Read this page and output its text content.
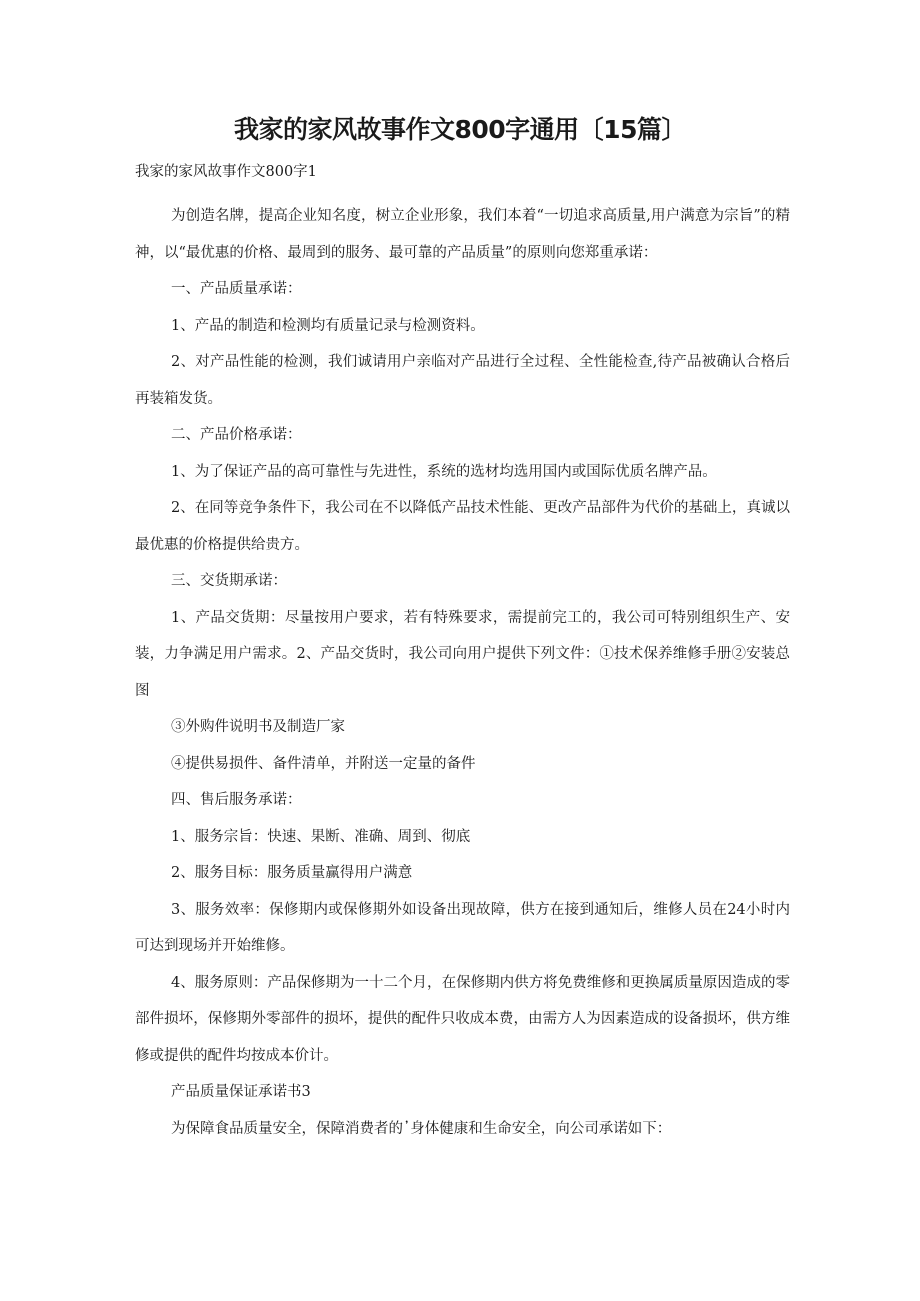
我家的家风故事作文800字通用〔15篇〕

我家的家风故事作文800字1

为创造名牌，提高企业知名度，树立企业形象，我们本着“一切追求高质量,用户满意为宗旨”的精神，以“最优惠的价格、最周到的服务、最可靠的产品质量”的原则向您郑重承诺：

一、产品质量承诺：

1、产品的制造和检测均有质量记录与检测资料。

2、对产品性能的检测，我们诚请用户亲临对产品进行全过程、全性能检查,待产品被确认合格后再装箱发货。

二、产品价格承诺：

1、为了保证产品的高可靠性与先进性，系统的选材均选用国内或国际优质名牌产品。

2、在同等竞争条件下，我公司在不以降低产品技术性能、更改产品部件为代价的基础上，真诚以最优惠的价格提供给贵方。

三、交货期承诺：

1、产品交货期：尽量按用户要求，若有特殊要求，需提前完工的，我公司可特别组织生产、安装，力争满足用户需求。2、产品交货时，我公司向用户提供下列文件：①技术保养维修手册②安装总图

③外购件说明书及制造厂家

④提供易损件、备件清单，并附送一定量的备件

四、售后服务承诺：

1、服务宗旨：快速、果断、准确、周到、彻底

2、服务目标：服务质量赢得用户满意

3、服务效率：保修期内或保修期外如设备出现故障，供方在接到通知后，维修人员在24小时内可达到现场并开始维修。

4、服务原则：产品保修期为一十二个月，在保修期内供方将免费维修和更换属质量原因造成的零部件损坏，保修期外零部件的损坏，提供的配件只收成本费，由需方人为因素造成的设备损坏，供方维修或提供的配件均按成本价计。

产品质量保证承诺书3

为保障食品质量安全，保障消费者的᾽身体健康和生命安全，向公司承诺如下：
